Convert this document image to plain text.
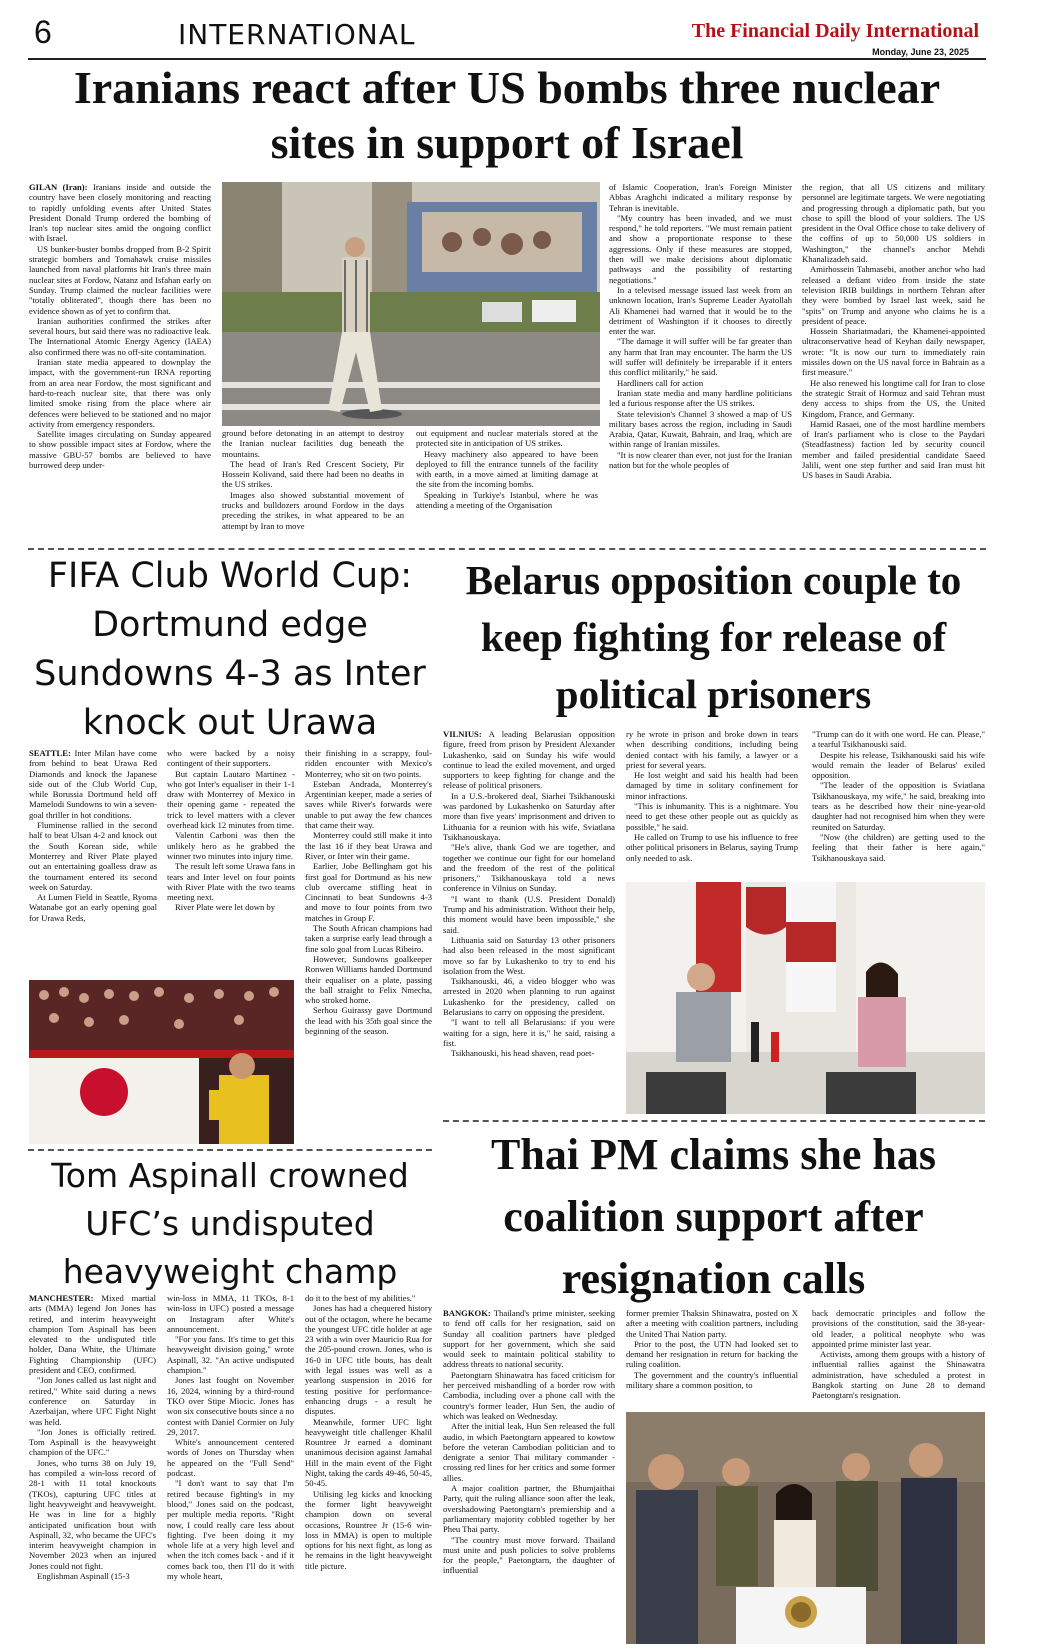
6	INTERNATIONAL	The Financial Daily International
Monday, June 23, 2025
Iranians react after US bombs three nuclear sites in support of Israel

GILAN (Iran): Iranians inside and outside the country have been closely monitoring and reacting to rapidly unfolding events after United States President Donald Trump ordered the bombing of Iran's top nuclear sites amid the ongoing conflict with Israel.

US bunker-buster bombs dropped from B-2 Spirit strategic bombers and Tomahawk cruise missiles launched from naval platforms hit Iran's three main nuclear sites at Fordow, Natanz and Isfahan early on Sunday. Trump claimed the nuclear facilities were "totally obliterated", though there has been no evidence shown as of yet to confirm that.

Iranian authorities confirmed the strikes after several hours, but said there was no radioactive leak. The International Atomic Energy Agency (IAEA) also confirmed there was no off-site contamination.

Iranian state media appeared to downplay the impact, with the government-run IRNA reporting from an area near Fordow, the most significant and hard-to-reach nuclear site, that there was only limited smoke rising from the place where air defences were believed to be stationed and no major activity from emergency responders.

Satellite images circulating on Sunday appeared to show possible impact sites at Fordow, where the massive GBU-57 bombs are believed to have burrowed deep under-

ground before detonating in an attempt to destroy the Iranian nuclear facilities dug beneath the mountains.

The head of Iran's Red Crescent Society, Pir Hossein Kolivand, said there had been no deaths in the US strikes.

Images also showed substantial movement of trucks and bulldozers around Fordow in the days preceding the strikes, in what appeared to be an attempt by Iran to move

out equipment and nuclear materials stored at the protected site in anticipation of US strikes.

Heavy machinery also appeared to have been deployed to fill the entrance tunnels of the facility with earth, in a move aimed at limiting damage at the site from the incoming bombs.

Speaking in Turkiye's Istanbul, where he was attending a meeting of the Organisation

of Islamic Cooperation, Iran's Foreign Minister Abbas Araghchi indicated a military response by Tehran is inevitable.

"My country has been invaded, and we must respond," he told reporters. "We must remain patient and show a proportionate response to these aggressions. Only if these measures are stopped, then will we make decisions about diplomatic pathways and the possibility of restarting negotiations."

In a televised message issued last week from an unknown location, Iran's Supreme Leader Ayatollah Ali Khamenei had warned that it would be to the detriment of Washington if it chooses to directly enter the war.

"The damage it will suffer will be far greater than any harm that Iran may encounter. The harm the US will suffer will definitely be irreparable if it enters this conflict militarily," he said.

Hardliners call for action

Iranian state media and many hardline politicians led a furious response after the US strikes.

State television's Channel 3 showed a map of US military bases across the region, including in Saudi Arabia, Qatar, Kuwait, Bahrain, and Iraq, which are within range of Iranian missiles.

"It is now clearer than ever, not just for the Iranian nation but for the whole peoples of

the region, that all US citizens and military personnel are legitimate targets. We were negotiating and progressing through a diplomatic path, but you chose to spill the blood of your soldiers. The US president in the Oval Office chose to take delivery of the coffins of up to 50,000 US soldiers in Washington," the channel's anchor Mehdi Khanalizadeh said.

Amirhossein Tahmasebi, another anchor who had released a defiant video from inside the state television IRIB buildings in northern Tehran after they were bombed by Israel last week, said he "spits" on Trump and anyone who claims he is a president of peace.

Hossein Shariatmadari, the Khamenei-appointed ultraconservative head of Keyhan daily newspaper, wrote: "It is now our turn to immediately rain missiles down on the US naval force in Bahrain as a first measure."

He also renewed his longtime call for Iran to close the strategic Strait of Hormuz and said Tehran must deny access to ships from the US, the United Kingdom, France, and Germany.

Hamid Rasaei, one of the most hardline members of Iran's parliament who is close to the Paydari (Steadfastness) faction led by security council member and failed presidential candidate Saeed Jalili, went one step further and said Iran must hit US bases in Saudi Arabia.

FIFA Club World Cup: Dortmund edge Sundowns 4-3 as Inter knock out Urawa

SEATTLE: Inter Milan have come from behind to beat Urawa Red Diamonds and knock the Japanese side out of the Club World Cup, while Borussia Dortmund held off Mamelodi Sundowns to win a seven-goal thriller in hot conditions.

Fluminense rallied in the second half to beat Ulsan 4-2 and knock out the South Korean side, while Monterrey and River Plate played out an entertaining goalless draw as the tournament entered its second week on Saturday.

At Lumen Field in Seattle, Ryoma Watanabe got an early opening goal for Urawa Reds,

who were backed by a noisy contingent of their supporters.

But captain Lautaro Martinez - who got Inter's equaliser in their 1-1 draw with Monterrey of Mexico in their opening game - repeated the trick to level matters with a clever overhead kick 12 minutes from time.

Valentin Carboni was then the unlikely hero as he grabbed the winner two minutes into injury time.

The result left some Urawa fans in tears and Inter level on four points with River Plate with the two teams meeting next.

River Plate were let down by

their finishing in a scrappy, foul-ridden encounter with Mexico's Monterrey, who sit on two points.

Esteban Andrada, Monterrey's Argentinian keeper, made a series of saves while River's forwards were unable to put away the few chances that came their way.

Monterrey could still make it into the last 16 if they beat Urawa and River, or Inter win their game.

Earlier, Jobe Bellingham got his first goal for Dortmund as his new club overcame stifling heat in Cincinnati to beat Sundowns 4-3 and move to four points from two matches in Group F.

The South African champions had taken a surprise early lead through a fine solo goal from Lucas Ribeiro.

However, Sundowns goalkeeper Ronwen Williams handed Dortmund their equaliser on a plate, passing the ball straight to Felix Nmecha, who stroked home.

Serhou Guirassy gave Dortmund the lead with his 35th goal since the beginning of the season.

Belarus opposition couple to keep fighting for release of political prisoners

VILNIUS: A leading Belarusian opposition figure, freed from prison by President Alexander Lukashenko, said on Sunday his wife would continue to lead the exiled movement, and urged supporters to keep fighting for change and the release of political prisoners.

In a U.S.-brokered deal, Siarhei Tsikhanouski was pardoned by Lukashenko on Saturday after more than five years' imprisonment and driven to Lithuania for a reunion with his wife, Sviatlana Tsikhanouskaya.

"He's alive, thank God we are together, and together we continue our fight for our homeland and the freedom of the rest of the political prisoners," Tsikhanouskaya told a news conference in Vilnius on Sunday.

"I want to thank (U.S. President Donald) Trump and his administration. Without their help, this moment would have been impossible," she said.

Lithuania said on Saturday 13 other prisoners had also been released in the most significant move so far by Lukashenko to try to end his isolation from the West.

Tsikhanouski, 46, a video blogger who was arrested in 2020 when planning to run against Lukashenko for the presidency, called on Belarusians to carry on opposing the president.

"I want to tell all Belarusians: if you were waiting for a sign, here it is," he said, raising a fist.

Tsikhanouski, his head shaven, read poet-

ry he wrote in prison and broke down in tears when describing conditions, including being denied contact with his family, a lawyer or a priest for several years.

He lost weight and said his health had been damaged by time in solitary confinement for minor infractions.

"This is inhumanity. This is a nightmare. You need to get these other people out as quickly as possible," he said.

He called on Trump to use his influence to free other political prisoners in Belarus, saying Trump only needed to ask.

"Trump can do it with one word. He can. Please," a tearful Tsikhanouski said.

Despite his release, Tsikhanouski said his wife would remain the leader of Belarus' exiled opposition.

"The leader of the opposition is Sviatlana Tsikhanouskaya, my wife," he said, breaking into tears as he described how their nine-year-old daughter had not recognised him when they were reunited on Saturday.

"Now (the children) are getting used to the feeling that their father is here again," Tsikhanouskaya said.

Tom Aspinall crowned UFC’s undisputed heavyweight champ

MANCHESTER: Mixed martial arts (MMA) legend Jon Jones has retired, and interim heavyweight champion Tom Aspinall has been elevated to the undisputed title holder, Dana White, the Ultimate Fighting Championship (UFC) president and CEO, confirmed.

"Jon Jones called us last night and retired," White said during a news conference on Saturday in Azerbaijan, where UFC Fight Night was held.

"Jon Jones is officially retired. Tom Aspinall is the heavyweight champion of the UFC."

Jones, who turns 38 on July 19, has compiled a win-loss record of 28-1 with 11 total knockouts (TKOs), capturing UFC titles at light heavyweight and heavyweight. He was in line for a highly anticipated unification bout with Aspinall, 32, who became the UFC's interim heavyweight champion in November 2023 when an injured Jones could not fight.

Englishman Aspinall (15-3

win-loss in MMA, 11 TKOs, 8-1 win-loss in UFC) posted a message on Instagram after White's announcement.

"For you fans. It's time to get this heavyweight division going," wrote Aspinall, 32. "An active undisputed champion."

Jones last fought on November 16, 2024, winning by a third-round TKO over Stipe Miocic. Jones has won six consecutive bouts since a no contest with Daniel Cormier on July 29, 2017.

White's announcement centered words of Jones on Thursday when he appeared on the "Full Send" podcast.

"I don't want to say that I'm retired because fighting's in my blood," Jones said on the podcast, per multiple media reports. "Right now, I could really care less about fighting. I've been doing it my whole life at a very high level and when the itch comes back - and if it comes back too, then I'll do it with my whole heart,

do it to the best of my abilities."

Jones has had a chequered history out of the octagon, where he became the youngest UFC title holder at age 23 with a win over Mauricio Rua for the 205-pound crown. Jones, who is 16-0 in UFC title bouts, has dealt with legal issues was well as a yearlong suspension in 2016 for testing positive for performance-enhancing drugs - a result he disputes.

Meanwhile, former UFC light heavyweight title challenger Khalil Rountree Jr earned a dominant unanimous decision against Jamahal Hill in the main event of the Fight Night, taking the cards 49-46, 50-45, 50-45.

Utilising leg kicks and knocking the former light heavyweight champion down on several occasions, Rountree Jr (15-6 win-loss in MMA) is open to multiple options for his next fight, as long as he remains in the light heavyweight title picture.

Thai PM claims she has coalition support after resignation calls

BANGKOK: Thailand's prime minister, seeking to fend off calls for her resignation, said on Sunday all coalition partners have pledged support for her government, which she said would seek to maintain political stability to address threats to national security.

Paetongtarn Shinawatra has faced criticism for her perceived mishandling of a border row with Cambodia, including over a phone call with the country's former leader, Hun Sen, the audio of which was leaked on Wednesday.

After the initial leak, Hun Sen released the full audio, in which Paetongtarn appeared to kowtow before the veteran Cambodian politician and to denigrate a senior Thai military commander - crossing red lines for her critics and some former allies.

A major coalition partner, the Bhumjaithai Party, quit the ruling alliance soon after the leak, overshadowing Paetongtarn's premiership and a parliamentary majority cobbled together by her Pheu Thai party.

"The country must move forward. Thailand must unite and push policies to solve problems for the people," Paetongtarn, the daughter of influential

former premier Thaksin Shinawatra, posted on X after a meeting with coalition partners, including the United Thai Nation party.

Prior to the post, the UTN had looked set to demand her resignation in return for backing the ruling coalition.

The government and the country's influential military share a common position, to

back democratic principles and follow the provisions of the constitution, said the 38-year-old leader, a political neophyte who was appointed prime minister last year.

Activists, among them groups with a history of influential rallies against the Shinawatra administration, have scheduled a protest in Bangkok starting on June 28 to demand Paetongtarn's resignation.
